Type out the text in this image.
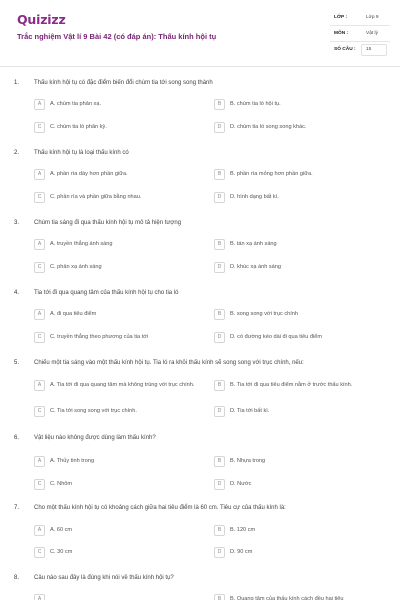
Quizizz
Trắc nghiệm Vật lí 9 Bài 42 (có đáp án): Thấu kính hội tụ
LỚP :	Lớp 9
MÔN :	Vật lý
SỐ CÂU : 15
1. Thấu kính hội tụ có đặc điểm biến đổi chùm tia tới song song thành
A	A. chùm tia phản xạ.	B	B. chùm tia ló hội tụ.
C	C. chùm tia ló phân kỳ.	D	D. chùm tia ló song song khác.
2. Thấu kính hội tụ là loại thấu kính có
A	A. phần rìa dày hơn phần giữa.	B	B. phần rìa mỏng hơn phần giữa.
C	C. phần rìa và phần giữa bằng nhau.	D	D. hình dạng bất kì.
3. Chùm tia sáng đi qua thấu kính hội tụ mô tả hiện tượng
A	A. truyền thẳng ánh sáng	B	B. tán xạ ánh sáng
C	C. phản xạ ánh sáng	D	D. khúc xạ ánh sáng
4. Tia tới đi qua quang tâm của thấu kính hội tụ cho tia ló
A	A. đi qua tiêu điểm	B	B. song song với trục chính
C	C. truyền thẳng theo phương của tia tới	D	D. có đường kéo dài đi qua tiêu điểm
5. Chiếu một tia sáng vào một thấu kính hội tụ. Tia ló ra khỏi thấu kính sẽ song song với trục chính, nếu:
A	A. Tia tới đi qua quang tâm mà không trùng với trục chính.	B	B. Tia tới đi qua tiêu điểm nằm ở trước thấu kính.
C	C. Tia tới song song với trục chính.	D	D. Tia tới bất kì.
6. Vật liệu nào không được dùng làm thấu kính?
A	A. Thủy tinh trong	B	B. Nhựa trong
C	C. Nhôm	D	D. Nước
7. Cho một thấu kính hội tụ có khoảng cách giữa hai tiêu điểm là 60 cm. Tiêu cự của thấu kính là:
A	A. 60 cm	B	B. 120 cm
C	C. 30 cm	D	D. 90 cm
8. Câu nào sau đây là đúng khi nói về thấu kính hội tụ?
A	B	B. Quang tâm của thấu kính cách đều hai tiêu
